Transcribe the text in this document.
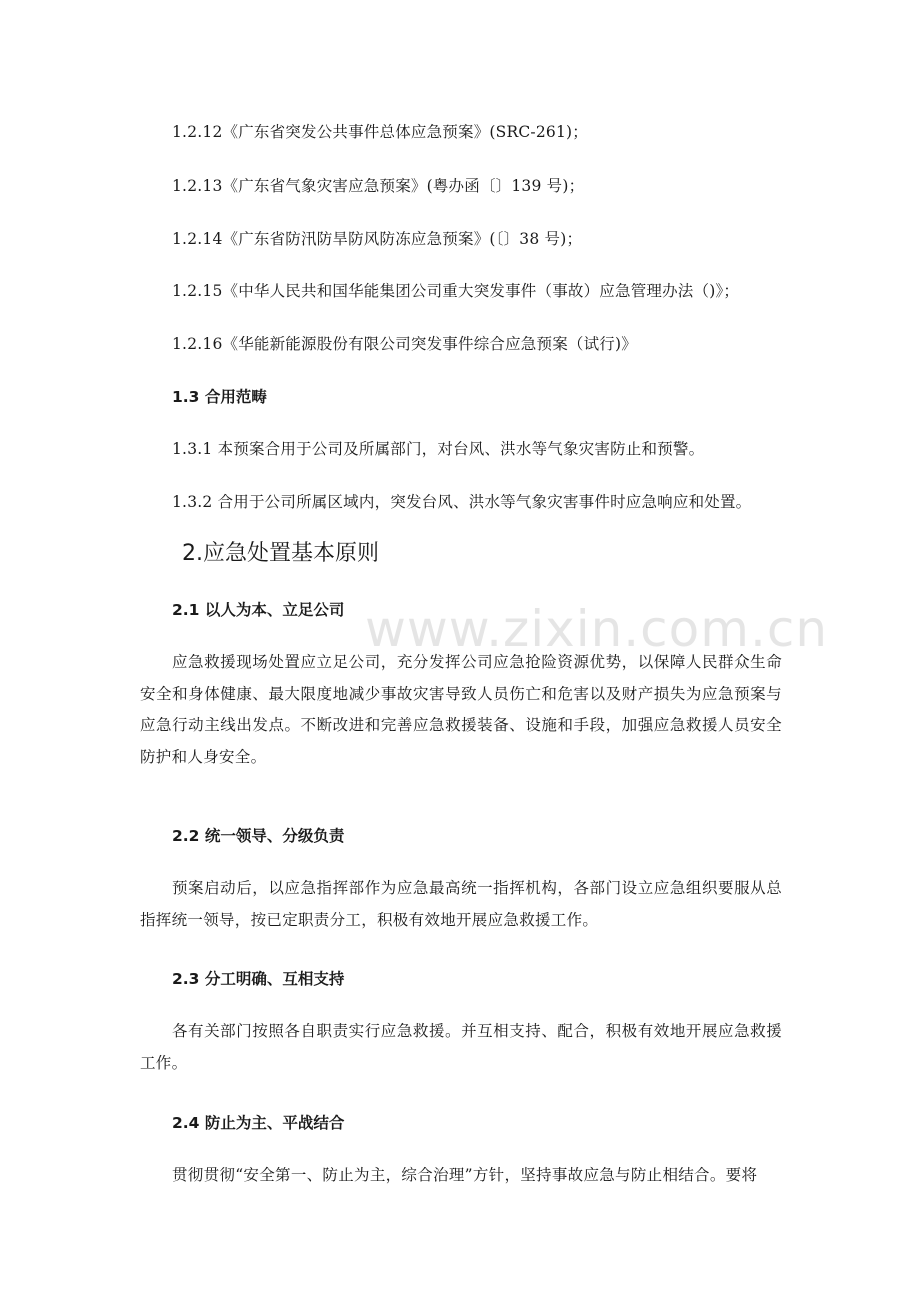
1.2.12《广东省突发公共事件总体应急预案》(SRC-261)；
1.2.13《广东省气象灾害应急预案》(粤办函〔〕139 号)；
1.2.14《广东省防汛防旱防风防冻应急预案》(〔〕38 号)；
1.2.15《中华人民共和国华能集团公司重大突发事件（事故）应急管理办法（)》；
1.2.16《华能新能源股份有限公司突发事件综合应急预案（试行)》
1.3 合用范畴
1.3.1 本预案合用于公司及所属部门，对台风、洪水等气象灾害防止和预警。
1.3.2 合用于公司所属区域内，突发台风、洪水等气象灾害事件时应急响应和处置。
2.应急处置基本原则
2.1 以人为本、立足公司
应急救援现场处置应立足公司，充分发挥公司应急抢险资源优势，以保障人民群众生命安全和身体健康、最大限度地减少事故灾害导致人员伤亡和危害以及财产损失为应急预案与应急行动主线出发点。不断改进和完善应急救援装备、设施和手段，加强应急救援人员安全防护和人身安全。
2.2 统一领导、分级负责
预案启动后，以应急指挥部作为应急最高统一指挥机构，各部门设立应急组织要服从总指挥统一领导，按已定职责分工，积极有效地开展应急救援工作。
2.3 分工明确、互相支持
各有关部门按照各自职责实行应急救援。并互相支持、配合，积极有效地开展应急救援工作。
2.4 防止为主、平战结合
贯彻贯彻“安全第一、防止为主，综合治理”方针，坚持事故应急与防止相结合。要将
www.zixin.com.cn
